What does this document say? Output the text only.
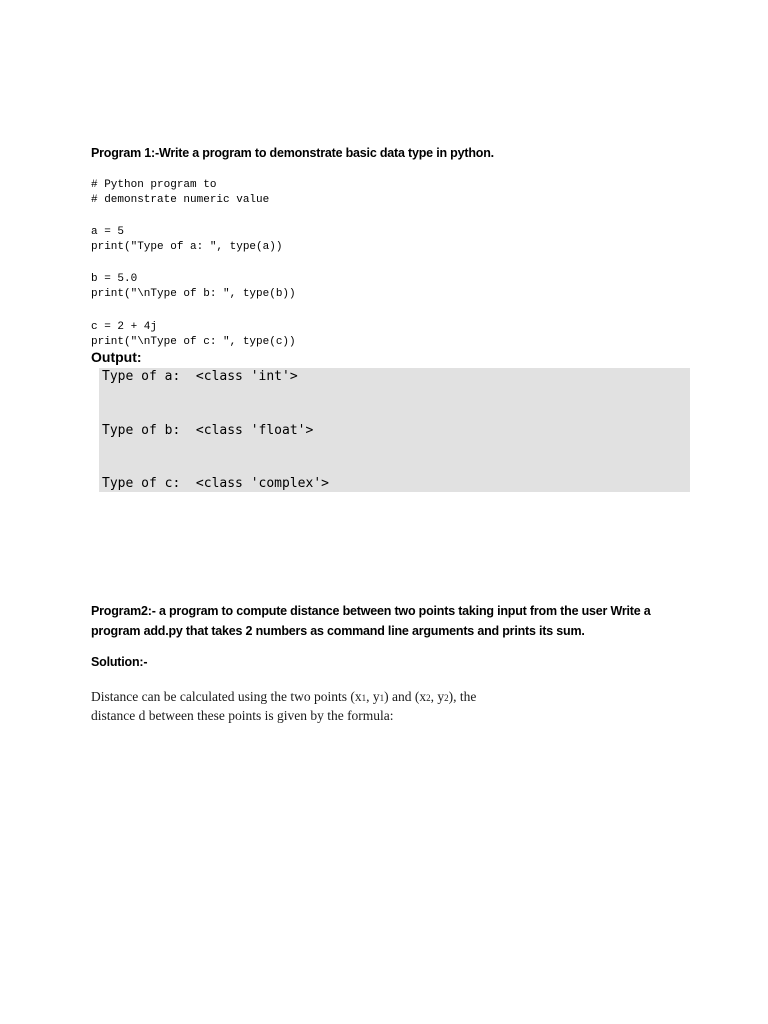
Program 1:-Write a program to demonstrate basic data type in python.

# Python program to

# demonstrate numeric value

a = 5

print("Type of a: ", type(a))

b = 5.0

print("\nType of b: ", type(b))

c = 2 + 4j

print("\nType of c: ", type(c))

Output:

Type of a:  <class 'int'>

Type of b:  <class 'float'>

Type of c:  <class 'complex'>

Program2:- a program to compute distance between two points taking input from the user Write a program add.py that takes 2 numbers as command line arguments and prints its sum.

Solution:-

Distance can be calculated using the two points (x1, y1) and (x2, y2), the
distance d between these points is given by the formula:
